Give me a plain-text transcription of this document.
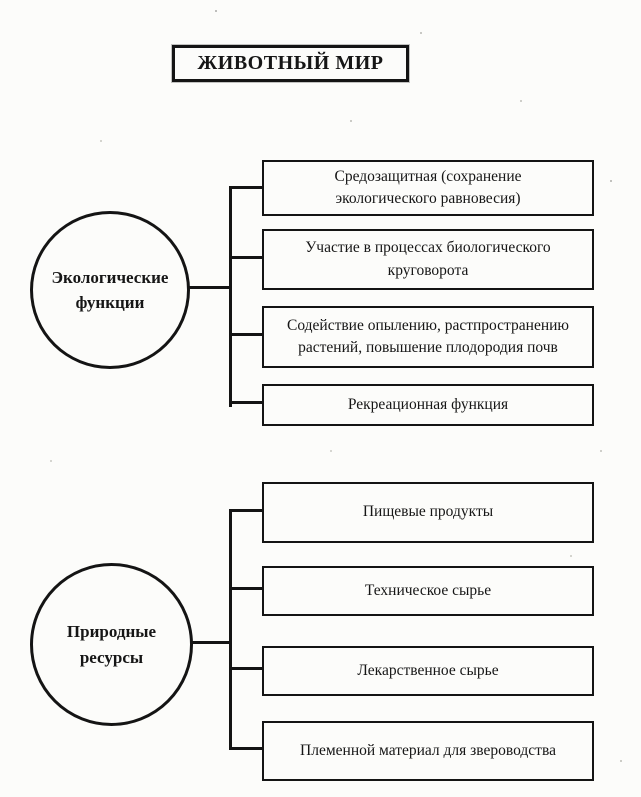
ЖИВОТНЫЙ МИР
Экологические функции
Средозащитная (сохранение экологического равновесия)
Участие в процессах биологического круговорота
Содействие опылению, растпространению растений, повышение плодородия почв
Рекреационная функция
Природные ресурсы
Пищевые продукты
Техническое сырье
Лекарственное сырье
Племенной материал для звероводства
